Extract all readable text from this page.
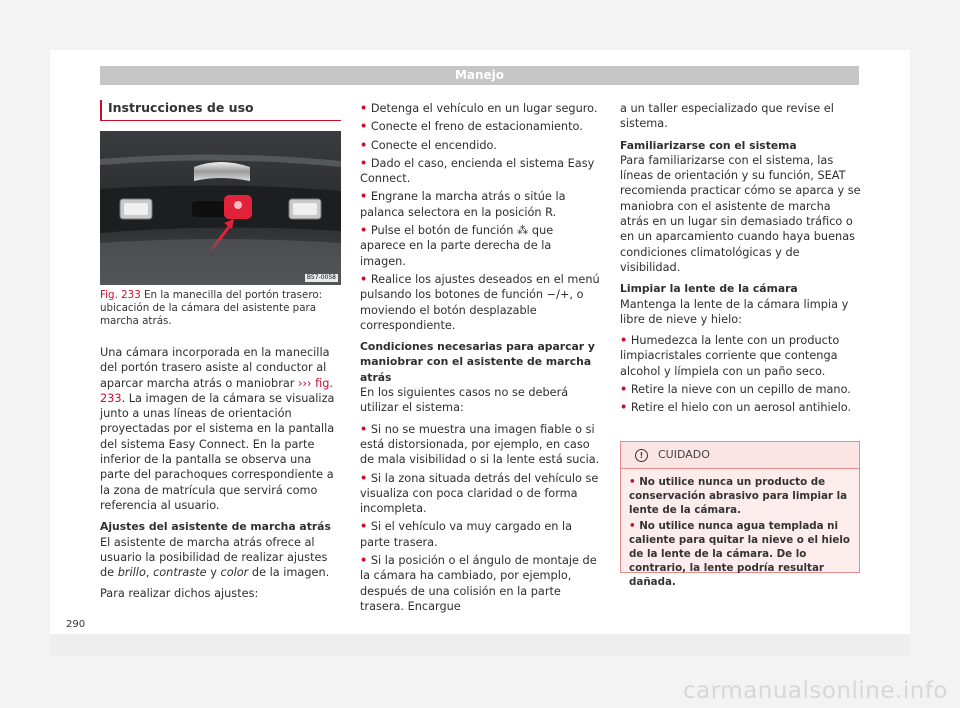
Manejo
Instrucciones de uso
B57-0058
Fig. 233 En la manecilla del portón trasero: ubicación de la cámara del asistente para marcha atrás.

Una cámara incorporada en la manecilla del portón trasero asiste al conductor al aparcar marcha atrás o maniobrar ››› fig. 233. La imagen de la cámara se visualiza junto a unas líneas de orientación proyectadas por el sistema en la pantalla del sistema Easy Connect. En la parte inferior de la pantalla se observa una parte del parachoques correspondiente a la zona de matrícula que servirá como referencia al usuario.

Ajustes del asistente de marcha atrás

El asistente de marcha atrás ofrece al usuario la posibilidad de realizar ajustes de brillo, contraste y color de la imagen.

Para realizar dichos ajustes:

• Detenga el vehículo en un lugar seguro.
• Conecte el freno de estacionamiento.
• Conecte el encendido.
• Dado el caso, encienda el sistema Easy Connect.
• Engrane la marcha atrás o sitúe la palanca selectora en la posición R.
• Pulse el botón de función ⁂ que aparece en la parte derecha de la imagen.
• Realice los ajustes deseados en el menú pulsando los botones de función −/+, o moviendo el botón desplazable correspondiente.

Condiciones necesarias para aparcar y maniobrar con el asistente de marcha atrás

En los siguientes casos no se deberá utilizar el sistema:

• Si no se muestra una imagen fiable o si está distorsionada, por ejemplo, en caso de mala visibilidad o si la lente está sucia.
• Si la zona situada detrás del vehículo se visualiza con poca claridad o de forma incompleta.
• Si el vehículo va muy cargado en la parte trasera.
• Si la posición o el ángulo de montaje de la cámara ha cambiado, por ejemplo, después de una colisión en la parte trasera. Encargue

a un taller especializado que revise el sistema.

Familiarizarse con el sistema

Para familiarizarse con el sistema, las líneas de orientación y su función, SEAT recomienda practicar cómo se aparca y se maniobra con el asistente de marcha atrás en un lugar sin demasiado tráfico o en un aparcamiento cuando haya buenas condiciones climatológicas y de visibilidad.

Limpiar la lente de la cámara

Mantenga la lente de la cámara limpia y libre de nieve y hielo:

• Humedezca la lente con un producto limpiacristales corriente que contenga alcohol y límpiela con un paño seco.
• Retire la nieve con un cepillo de mano.
• Retire el hielo con un aerosol antihielo.
! CUIDADO
• No utilice nunca un producto de conservación abrasivo para limpiar la lente de la cámara.
• No utilice nunca agua templada ni caliente para quitar la nieve o el hielo de la lente de la cámara. De lo contrario, la lente podría resultar dañada.
290
carmanualsonline.info
